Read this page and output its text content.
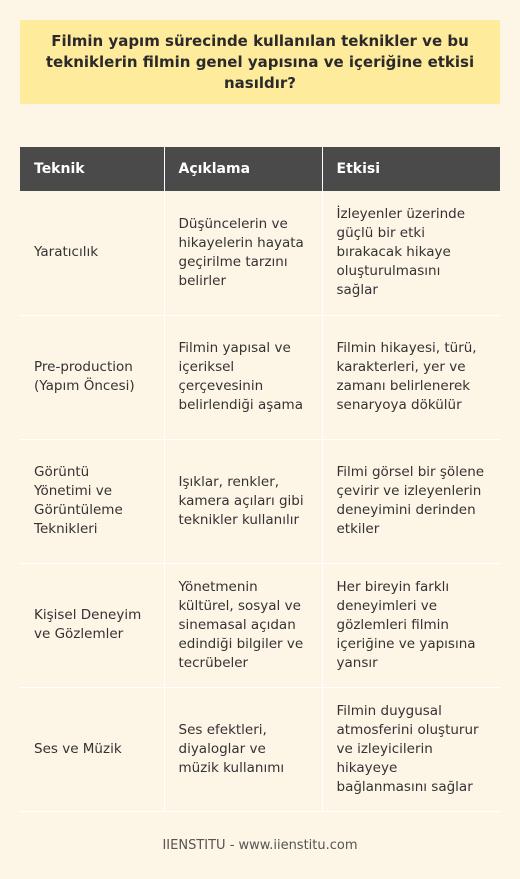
Filmin yapım sürecinde kullanılan teknikler ve bu tekniklerin filmin genel yapısına ve içeriğine etkisi nasıldır?
Teknik	Açıklama	Etkisi
Yaratıcılık	Düşüncelerin ve hikayelerin hayata geçirilme tarzını belirler	İzleyenler üzerinde güçlü bir etki bırakacak hikaye oluşturulmasını sağlar
Pre-production (Yapım Öncesi)	Filmin yapısal ve içeriksel çerçevesinin belirlendiği aşama	Filmin hikayesi, türü, karakterleri, yer ve zamanı belirlenerek senaryoya dökülür
Görüntü Yönetimi ve Görüntüleme Teknikleri	Işıklar, renkler, kamera açıları gibi teknikler kullanılır	Filmi görsel bir şölene çevirir ve izleyenlerin deneyimini derinden etkiler
Kişisel Deneyim ve Gözlemler	Yönetmenin kültürel, sosyal ve sinemasal açıdan edindiği bilgiler ve tecrübeler	Her bireyin farklı deneyimleri ve gözlemleri filmin içeriğine ve yapısına yansır
Ses ve Müzik	Ses efektleri, diyaloglar ve müzik kullanımı	Filmin duygusal atmosferini oluşturur ve izleyicilerin hikayeye bağlanmasını sağlar
IIENSTITU - www.iienstitu.com
